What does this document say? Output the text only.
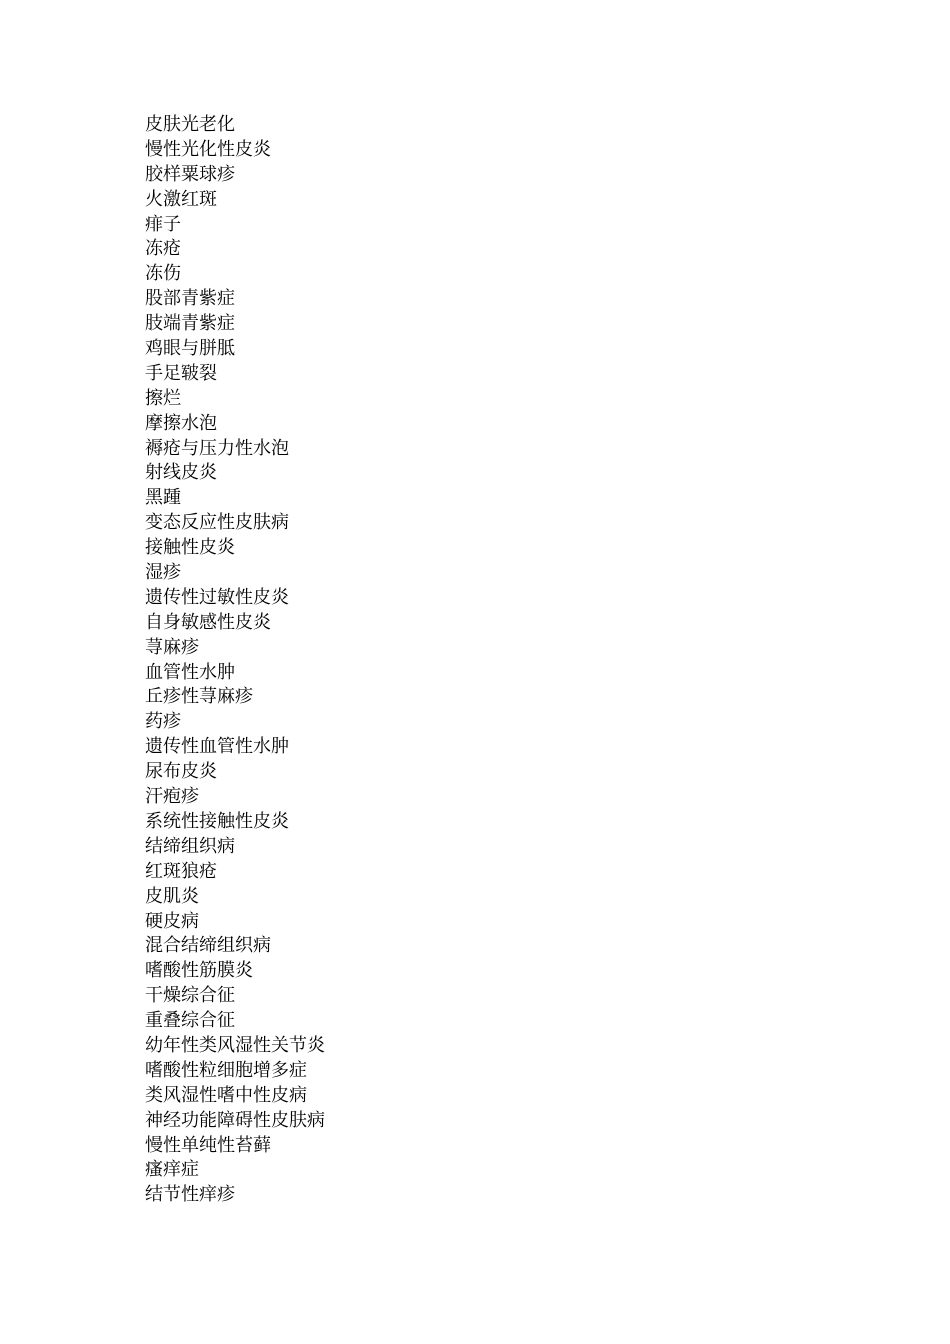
皮肤光老化
慢性光化性皮炎
胶样粟球疹
火激红斑
痱子
冻疮
冻伤
股部青紫症
肢端青紫症
鸡眼与胼胝
手足皲裂
擦烂
摩擦水泡
褥疮与压力性水泡
射线皮炎
黑踵
变态反应性皮肤病
接触性皮炎
湿疹
遗传性过敏性皮炎
自身敏感性皮炎
荨麻疹
血管性水肿
丘疹性荨麻疹
药疹
遗传性血管性水肿
尿布皮炎
汗疱疹
系统性接触性皮炎
结缔组织病
红斑狼疮
皮肌炎
硬皮病
混合结缔组织病
嗜酸性筋膜炎
干燥综合征
重叠综合征
幼年性类风湿性关节炎
嗜酸性粒细胞增多症
类风湿性嗜中性皮病
神经功能障碍性皮肤病
慢性单纯性苔藓
瘙痒症
结节性痒疹
